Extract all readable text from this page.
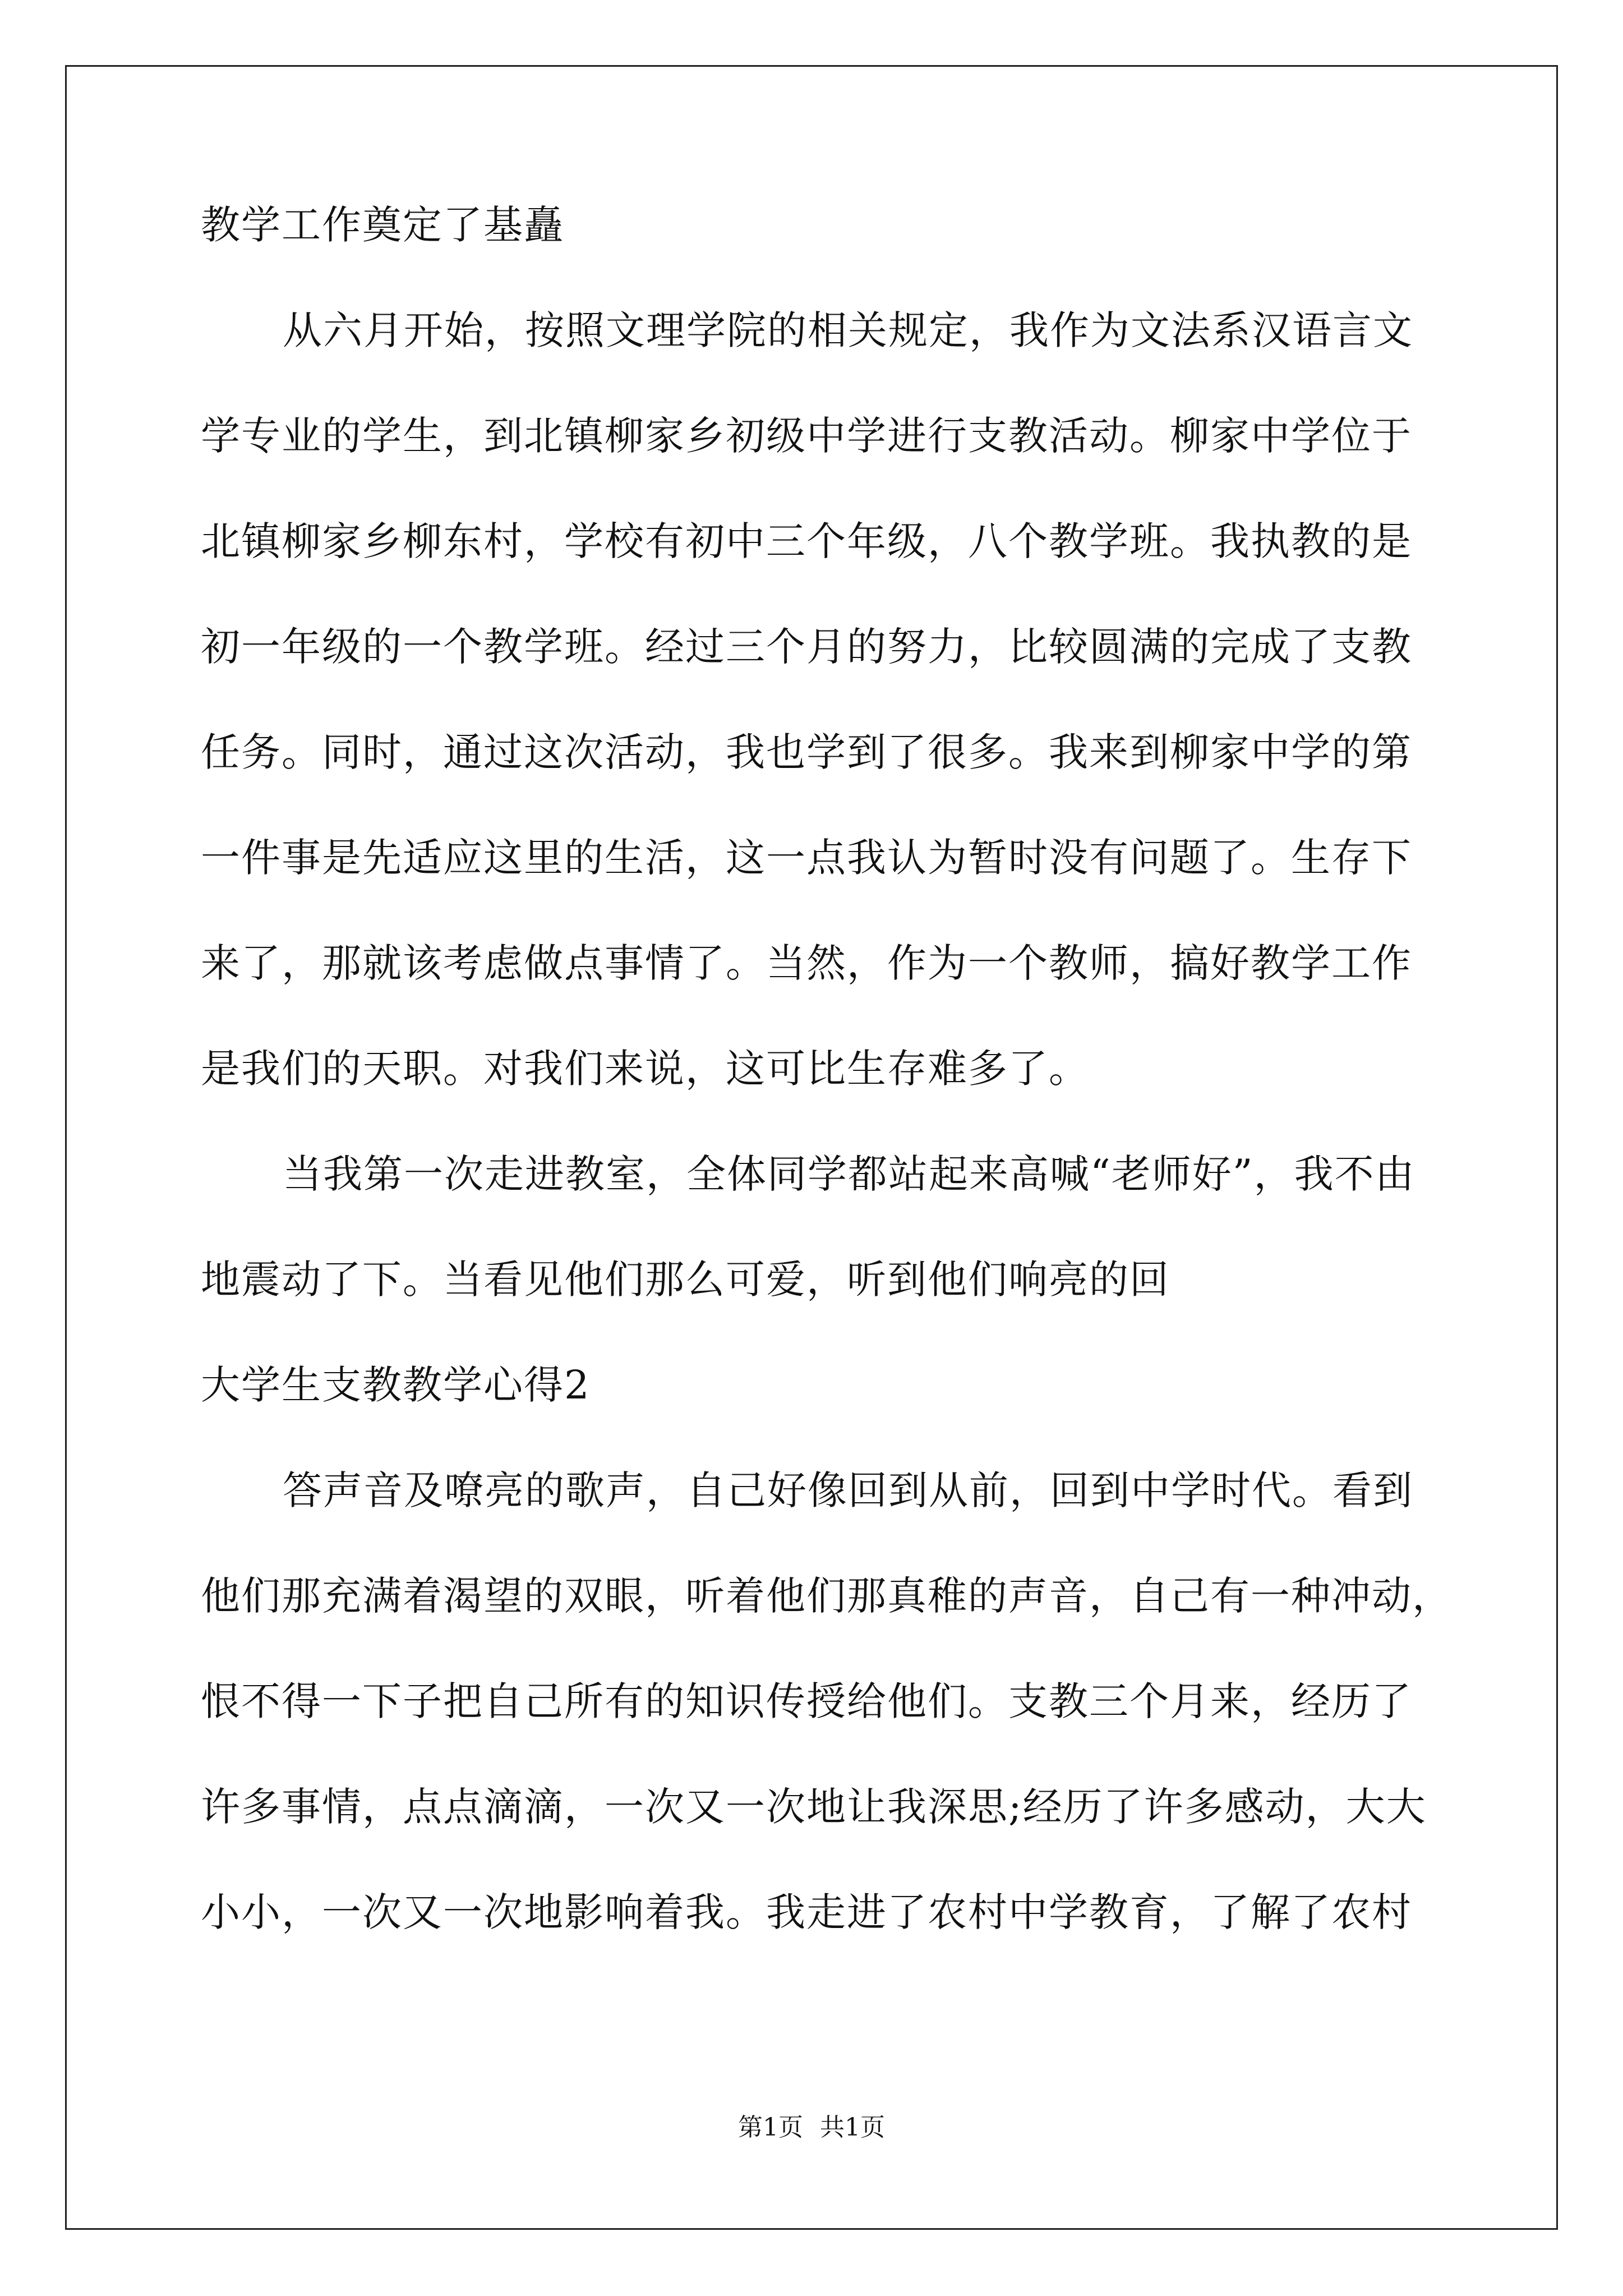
教学工作奠定了基矗

从六月开始，按照文理学院的相关规定，我作为文法系汉语言文

学专业的学生，到北镇柳家乡初级中学进行支教活动。柳家中学位于

北镇柳家乡柳东村，学校有初中三个年级，八个教学班。我执教的是

初一年级的一个教学班。经过三个月的努力，比较圆满的完成了支教

任务。同时，通过这次活动，我也学到了很多。我来到柳家中学的第

一件事是先适应这里的生活，这一点我认为暂时没有问题了。生存下

来了，那就该考虑做点事情了。当然，作为一个教师，搞好教学工作

是我们的天职。对我们来说，这可比生存难多了。

当我第一次走进教室，全体同学都站起来高喊“老师好”，我不由

地震动了下。当看见他们那么可爱，听到他们响亮的回

大学生支教教学心得2

答声音及嘹亮的歌声，自己好像回到从前，回到中学时代。看到

他们那充满着渴望的双眼，听着他们那真稚的声音，自己有一种冲动，

恨不得一下子把自己所有的知识传授给他们。支教三个月来，经历了

许多事情，点点滴滴，一次又一次地让我深思;经历了许多感动，大大

小小，一次又一次地影响着我。我走进了农村中学教育，了解了农村

第1页 共1页
